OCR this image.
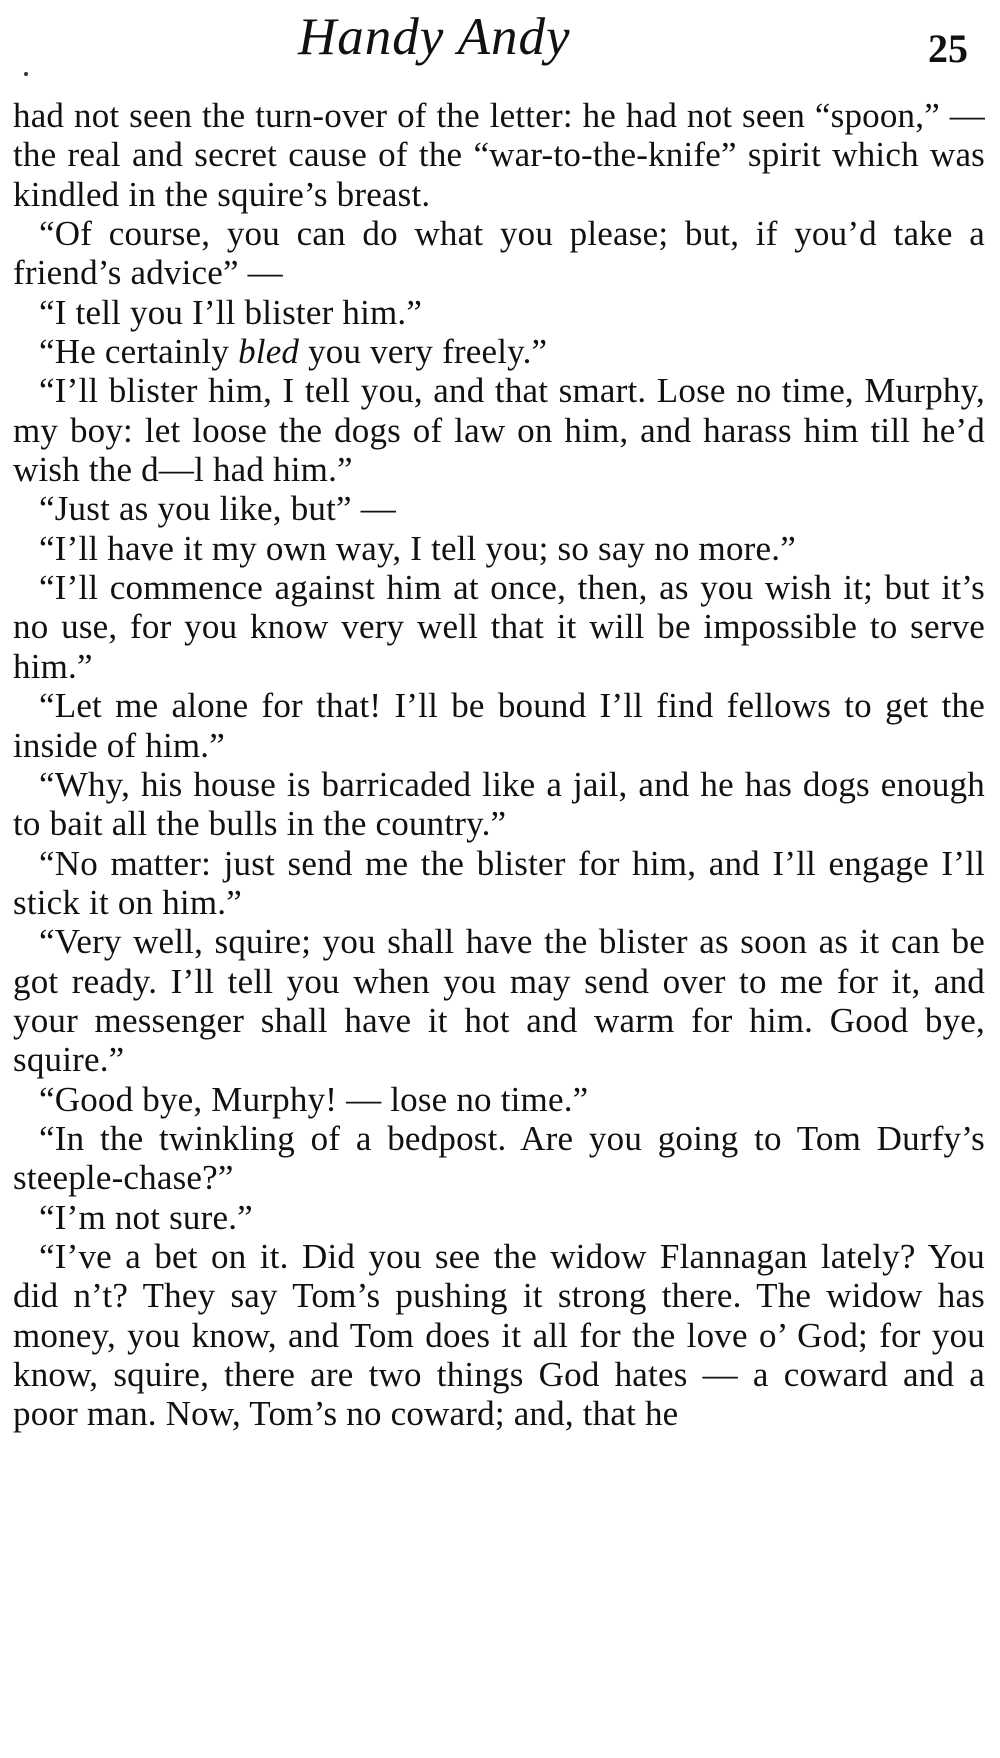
Handy Andy	25

had not seen the turn-over of the letter: he had not seen “spoon,” — the real and secret cause of the “war-to-the-knife” spirit which was kindled in the squire’s breast.

“Of course, you can do what you please; but, if you’d take a friend’s advice” —

“I tell you I’ll blister him.”

“He certainly bled you very freely.”

“I’ll blister him, I tell you, and that smart. Lose no time, Murphy, my boy: let loose the dogs of law on him, and harass him till he’d wish the d—l had him.”

“Just as you like, but” —

“I’ll have it my own way, I tell you; so say no more.”

“I’ll commence against him at once, then, as you wish it; but it’s no use, for you know very well that it will be impossible to serve him.”

“Let me alone for that! I’ll be bound I’ll find fellows to get the inside of him.”

“Why, his house is barricaded like a jail, and he has dogs enough to bait all the bulls in the country.”

“No matter: just send me the blister for him, and I’ll engage I’ll stick it on him.”

“Very well, squire; you shall have the blister as soon as it can be got ready. I’ll tell you when you may send over to me for it, and your messenger shall have it hot and warm for him. Good bye, squire.”

“Good bye, Murphy! — lose no time.”

“In the twinkling of a bedpost. Are you going to Tom Durfy’s steeple-chase?”

“I’m not sure.”

“I’ve a bet on it. Did you see the widow Flannagan lately? You did n’t? They say Tom’s pushing it strong there. The widow has money, you know, and Tom does it all for the love o’ God; for you know, squire, there are two things God hates — a coward and a poor man. Now, Tom’s no coward; and, that he
